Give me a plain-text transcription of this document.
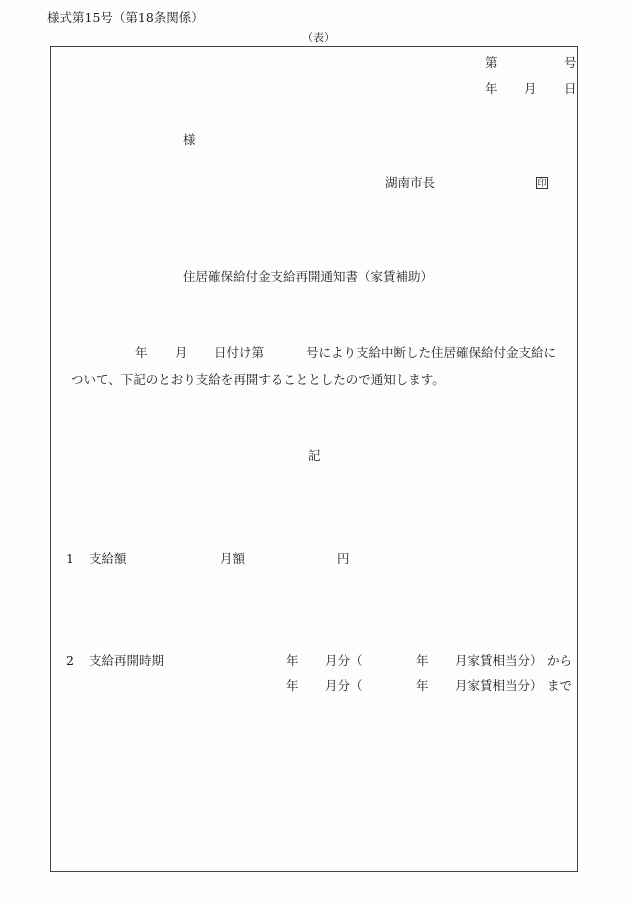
様式第15号（第18条関係）
（表）
第	号
年 月 日
様
湖南市長	印
住居確保給付金支給再開通知書（家賃補助）
年 月 日付け第	号により支給中断した住居確保給付金支給に
ついて、下記のとおり支給を再開することとしたので通知します。
記
1 支給額	月額	円
2 支給再開時期	年 月分（	年 月家賃相当分） から
年 月分（	年 月家賃相当分） まで
